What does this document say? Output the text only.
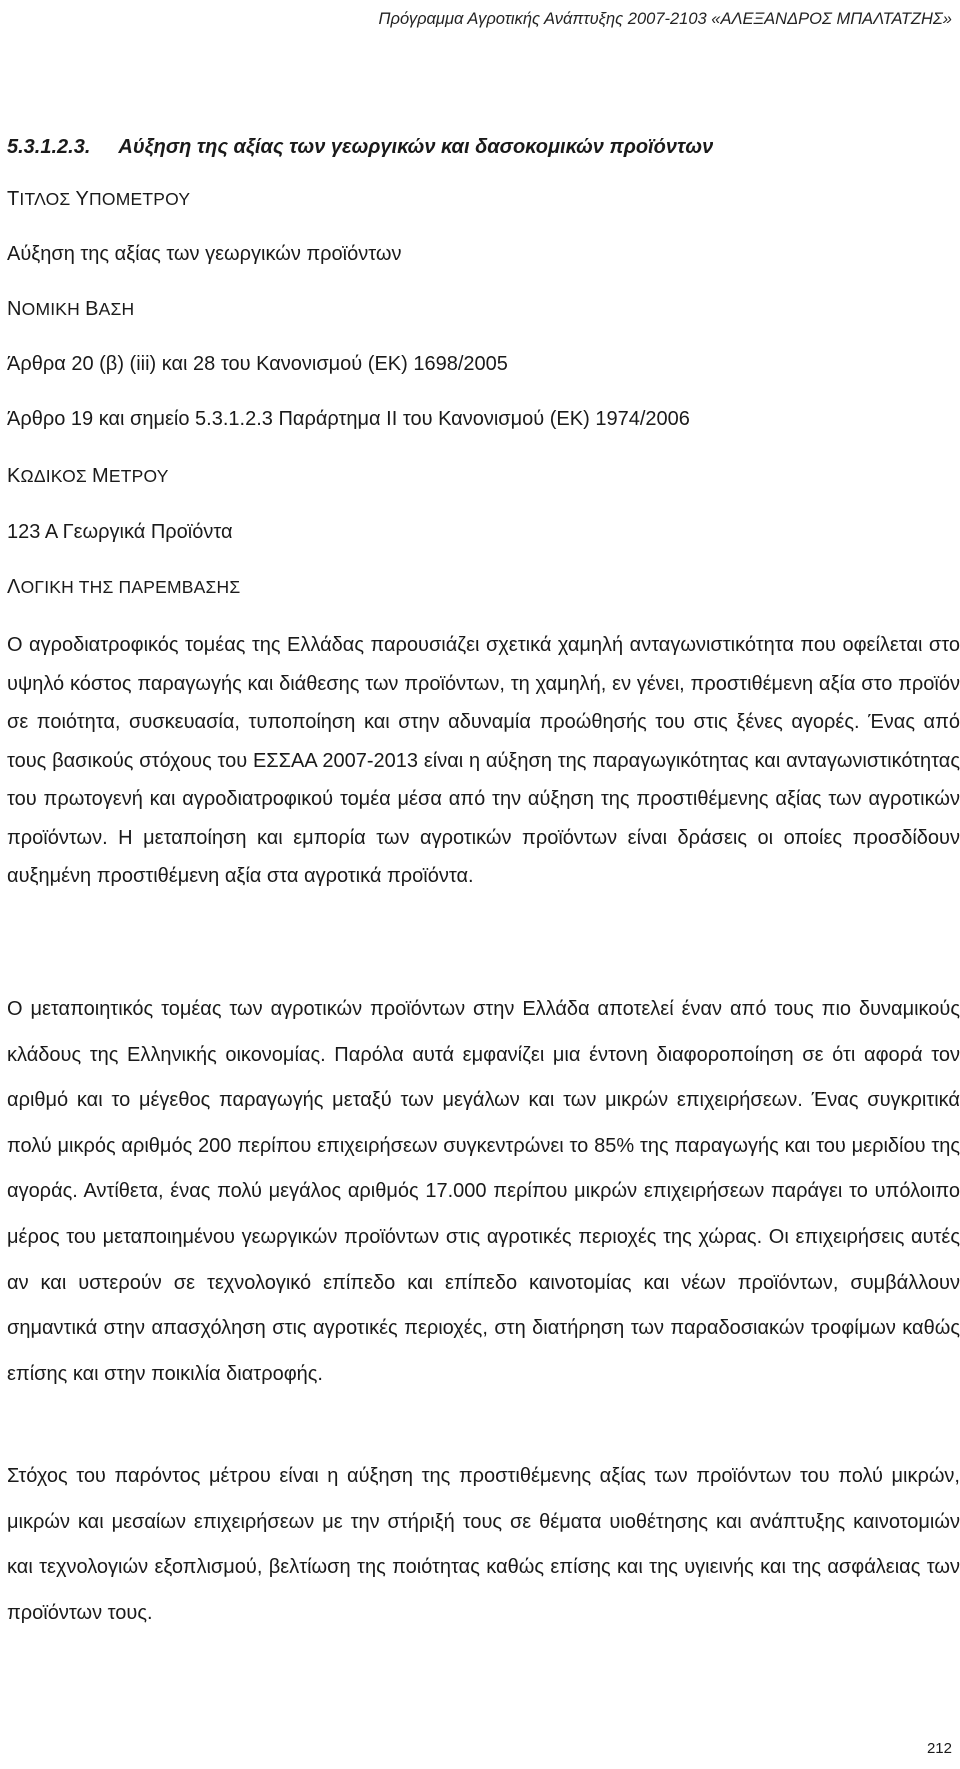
Πρόγραμμα Αγροτικής Ανάπτυξης 2007-2103 «ΑΛΕΞΑΝΔΡΟΣ ΜΠΑΛΤΑΤΖΗΣ»
5.3.1.2.3. Αύξηση της αξίας των γεωργικών και δασοκομικών προϊόντων
ΤΙΤΛΟΣ ΥΠΟΜΕΤΡΟΥ
Αύξηση της αξίας των γεωργικών προϊόντων
ΝΟΜΙΚΗ ΒΑΣΗ
Άρθρα 20 (β) (iii) και 28 του Κανονισμού (ΕΚ) 1698/2005
Άρθρο 19 και σημείο 5.3.1.2.3 Παράρτημα ΙΙ του Κανονισμού (ΕΚ) 1974/2006
ΚΩΔΙΚΟΣ ΜΕΤΡΟΥ
123 Α Γεωργικά Προϊόντα
ΛΟΓΙΚΗ ΤΗΣ ΠΑΡΕΜΒΑΣΗΣ

Ο αγροδιατροφικός τομέας της Ελλάδας παρουσιάζει σχετικά χαμηλή ανταγωνιστικότητα που οφείλεται στο υψηλό κόστος παραγωγής και διάθεσης των προϊόντων, τη χαμηλή, εν γένει, προστιθέμενη αξία στο προϊόν σε ποιότητα, συσκευασία, τυποποίηση και στην αδυναμία προώθησής του στις ξένες αγορές. Ένας από τους βασικούς στόχους του ΕΣΣΑΑ 2007-2013 είναι η αύξηση της παραγωγικότητας και ανταγωνιστικότητας του πρωτογενή και αγροδιατροφικού τομέα μέσα από την αύξηση της προστιθέμενης αξίας των αγροτικών προϊόντων. Η μεταποίηση και εμπορία των αγροτικών προϊόντων είναι δράσεις οι οποίες προσδίδουν αυξημένη προστιθέμενη αξία στα αγροτικά προϊόντα.

Ο μεταποιητικός τομέας των αγροτικών προϊόντων στην Ελλάδα αποτελεί έναν από τους πιο δυναμικούς κλάδους της Ελληνικής οικονομίας. Παρόλα αυτά εμφανίζει μια έντονη διαφοροποίηση σε ότι αφορά τον αριθμό και το μέγεθος παραγωγής μεταξύ των μεγάλων και των μικρών επιχειρήσεων. Ένας συγκριτικά πολύ μικρός αριθμός 200 περίπου επιχειρήσεων συγκεντρώνει το 85% της παραγωγής και του μεριδίου της αγοράς. Αντίθετα, ένας πολύ μεγάλος αριθμός 17.000 περίπου μικρών επιχειρήσεων παράγει το υπόλοιπο μέρος του μεταποιημένου γεωργικών προϊόντων στις αγροτικές περιοχές της χώρας. Οι επιχειρήσεις αυτές αν και υστερούν σε τεχνολογικό επίπεδο και επίπεδο καινοτομίας και νέων προϊόντων, συμβάλλουν σημαντικά στην απασχόληση στις αγροτικές περιοχές, στη διατήρηση των παραδοσιακών τροφίμων καθώς επίσης και στην ποικιλία διατροφής.

Στόχος του παρόντος μέτρου είναι η αύξηση της προστιθέμενης αξίας των προϊόντων του πολύ μικρών, μικρών και μεσαίων επιχειρήσεων με την στήριξή τους σε θέματα υιοθέτησης και ανάπτυξης καινοτομιών και τεχνολογιών εξοπλισμού, βελτίωση της ποιότητας καθώς επίσης και της υγιεινής και της ασφάλειας των προϊόντων τους.

212
